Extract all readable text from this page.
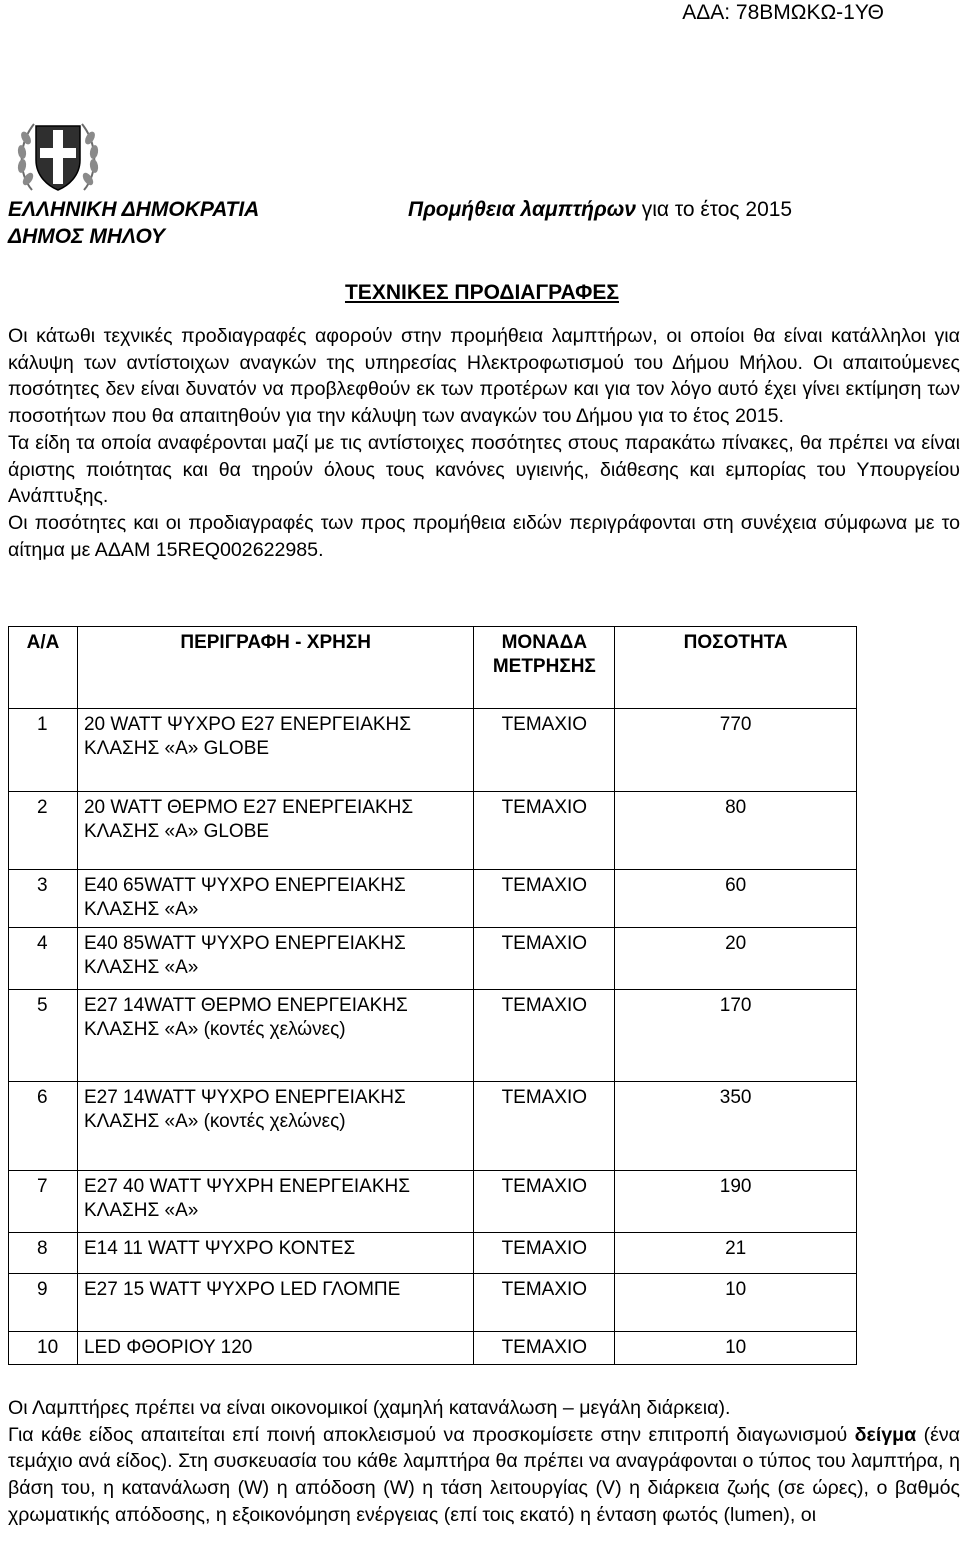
ΑΔΑ: 78ΒΜΩΚΩ-1ΥΘ
ΕΛΛΗΝΙΚΗ ΔΗΜΟΚΡΑΤΙΑ
ΔΗΜΟΣ ΜΗΛΟΥ
Προμήθεια λαμπτήρων για το έτος 2015
ΤΕΧΝΙΚΕΣ ΠΡΟΔΙΑΓΡΑΦΕΣ

Οι κάτωθι τεχνικές προδιαγραφές αφορούν στην προμήθεια λαμπτήρων, οι οποίοι θα είναι κατάλληλοι για κάλυψη των αντίστοιχων αναγκών της υπηρεσίας Ηλεκτροφωτισμού του Δήμου Μήλου. Οι απαιτούμενες ποσότητες δεν είναι δυνατόν να προβλεφθούν εκ των προτέρων και για τον λόγο αυτό έχει γίνει εκτίμηση των ποσοτήτων που θα απαιτηθούν για την κάλυψη των αναγκών του Δήμου για το έτος 2015.

Τα είδη τα οποία αναφέρονται μαζί με τις αντίστοιχες ποσότητες στους παρακάτω πίνακες, θα πρέπει να είναι άριστης ποιότητας και θα τηρούν όλους τους κανόνες υγιεινής, διάθεσης και εμπορίας του Υπουργείου Ανάπτυξης.

Οι ποσότητες και οι προδιαγραφές των προς προμήθεια ειδών περιγράφονται στη συνέχεια σύμφωνα με το αίτημα με ΑΔΑΜ 15REQ002622985.

Α/Α	ΠΕΡΙΓΡΑΦΗ - ΧΡΗΣΗ	ΜΟΝΑΔΑ ΜΕΤΡΗΣΗΣ	ΠΟΣΟΤΗΤΑ
1	20 WATT ΨΥΧΡΟ Ε27 ΕΝΕΡΓΕΙΑΚΗΣ ΚΛΑΣΗΣ «Α» GLOBE	ΤΕΜΑΧΙΟ	770
2	20 WATT ΘΕΡΜΟ Ε27 ΕΝΕΡΓΕΙΑΚΗΣ ΚΛΑΣΗΣ «Α» GLOBE	ΤΕΜΑΧΙΟ	80
3	Ε40 65WATT ΨΥΧΡΟ ΕΝΕΡΓΕΙΑΚΗΣ ΚΛΑΣΗΣ «Α»	ΤΕΜΑΧΙΟ	60
4	Ε40 85WATT ΨΥΧΡΟ ΕΝΕΡΓΕΙΑΚΗΣ ΚΛΑΣΗΣ «Α»	ΤΕΜΑΧΙΟ	20
5	Ε27 14WATT ΘΕΡΜΟ ΕΝΕΡΓΕΙΑΚΗΣ ΚΛΑΣΗΣ «Α» (κοντές χελώνες)	ΤΕΜΑΧΙΟ	170
6	Ε27 14WATT ΨΥΧΡΟ ΕΝΕΡΓΕΙΑΚΗΣ ΚΛΑΣΗΣ «Α» (κοντές χελώνες)	ΤΕΜΑΧΙΟ	350
7	Ε27 40 WATT ΨΥΧΡΗ ΕΝΕΡΓΕΙΑΚΗΣ ΚΛΑΣΗΣ «Α»	ΤΕΜΑΧΙΟ	190
8	Ε14 11 WATT ΨΥΧΡΟ ΚΟΝΤΕΣ	ΤΕΜΑΧΙΟ	21
9	Ε27 15 WATT ΨΥΧΡΟ LED ΓΛΟΜΠΕ	ΤΕΜΑΧΙΟ	10
10	LED ΦΘΟΡΙΟΥ 120	ΤΕΜΑΧΙΟ	10

Οι Λαμπτήρες πρέπει να είναι οικονομικοί (χαμηλή κατανάλωση – μεγάλη διάρκεια).

Για κάθε είδος απαιτείται επί ποινή αποκλεισμού να προσκομίσετε στην επιτροπή διαγωνισμού δείγμα (ένα τεμάχιο ανά είδος). Στη συσκευασία του κάθε λαμπτήρα θα πρέπει να αναγράφονται ο τύπος του λαμπτήρα, η βάση του, η κατανάλωση (W) η απόδοση (W) η τάση λειτουργίας (V) η διάρκεια ζωής (σε ώρες), ο βαθμός χρωματικής απόδοσης, η εξοικονόμηση ενέργειας (επί τοις εκατό) η ένταση φωτός (lumen), οι
